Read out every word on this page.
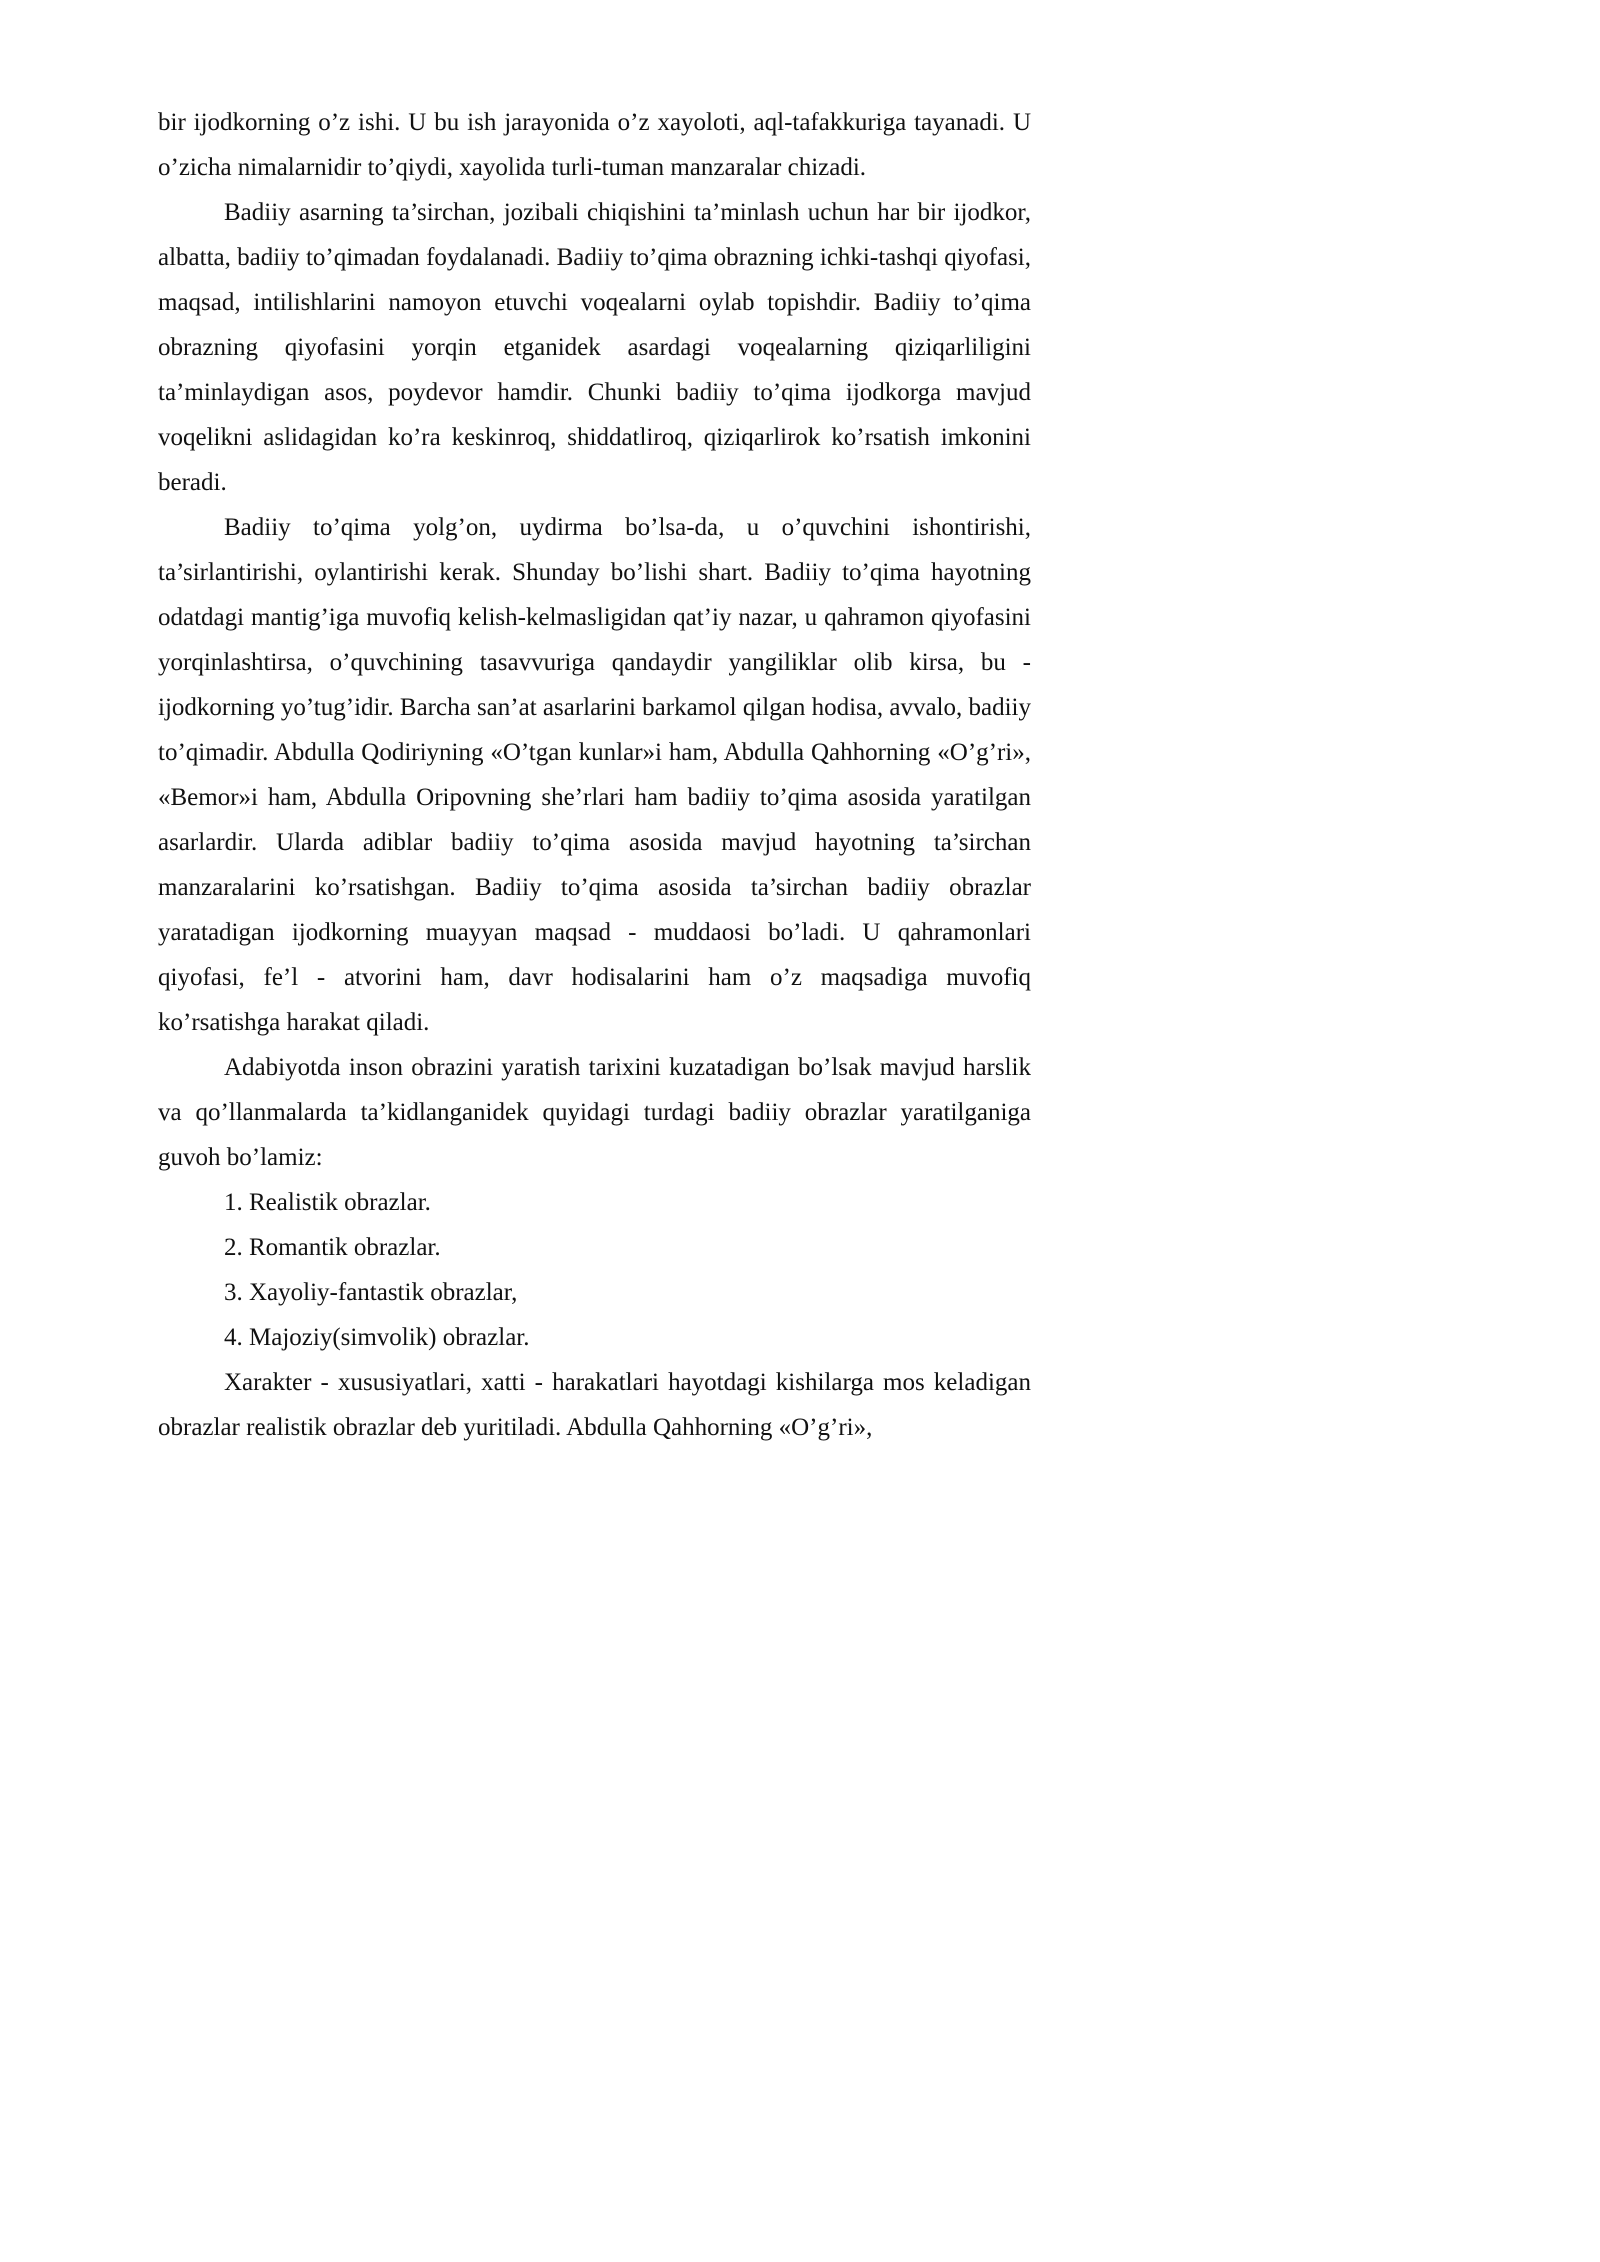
bir ijodkorning o’z ishi. U bu ish jarayonida o’z xayoloti, aql-tafakkuriga tayanadi. U o’zicha nimalarnidir to’qiydi, xayolida turli-tuman manzaralar chizadi.

Badiiy asarning ta’sirchan, jozibali chiqishini ta’minlash uchun har bir ijodkor, albatta, badiiy to’qimadan foydalanadi. Badiiy to’qima obrazning ichki-tashqi qiyofasi, maqsad, intilishlarini namoyon etuvchi voqealarni oylab topishdir. Badiiy to’qima obrazning qiyofasini yorqin etganidek asardagi voqealarning qiziqarliligini ta’minlaydigan asos, poydevor hamdir. Chunki badiiy to’qima ijodkorga mavjud voqelikni aslidagidan ko’ra keskinroq, shiddatliroq, qiziqarlirok ko’rsatish imkonini beradi.

Badiiy to’qima yolg’on, uydirma bo’lsa-da, u o’quvchini ishontirishi, ta’sirlantirishi, oylantirishi kerak. Shunday bo’lishi shart. Badiiy to’qima hayotning odatdagi mantig’iga muvofiq kelish-kelmasligidan qat’iy nazar, u qahramon qiyofasini yorqinlashtirsa, o’quvchining tasavvuriga qandaydir yangiliklar olib kirsa, bu - ijodkorning yo’tug’idir. Barcha san’at asarlarini barkamol qilgan hodisa, avvalo, badiiy to’qimadir. Abdulla Qodiriyning «O’tgan kunlar»i ham, Abdulla Qahhorning «O’g’ri», «Bemor»i ham, Abdulla Oripovning she’rlari ham badiiy to’qima asosida yaratilgan asarlardir. Ularda adiblar badiiy to’qima asosida mavjud hayotning ta’sirchan manzaralarini ko’rsatishgan. Badiiy to’qima asosida ta’sirchan badiiy obrazlar yaratadigan ijodkorning muayyan maqsad - muddaosi bo’ladi. U qahramonlari qiyofasi, fe’l - atvorini ham, davr hodisalarini ham o’z maqsadiga muvofiq ko’rsatishga harakat qiladi.

Adabiyotda inson obrazini yaratish tarixini kuzatadigan bo’lsak mavjud harslik va qo’llanmalarda ta’kidlanganidek quyidagi turdagi badiiy obrazlar yaratilganiga guvoh bo’lamiz:

1. Realistik obrazlar.

2. Romantik obrazlar.

3. Xayoliy-fantastik obrazlar,

4. Majoziy(simvolik) obrazlar.

Xarakter - xususiyatlari, xatti - harakatlari hayotdagi kishilarga mos keladigan obrazlar realistik obrazlar deb yuritiladi. Abdulla Qahhorning «O’g’ri»,
